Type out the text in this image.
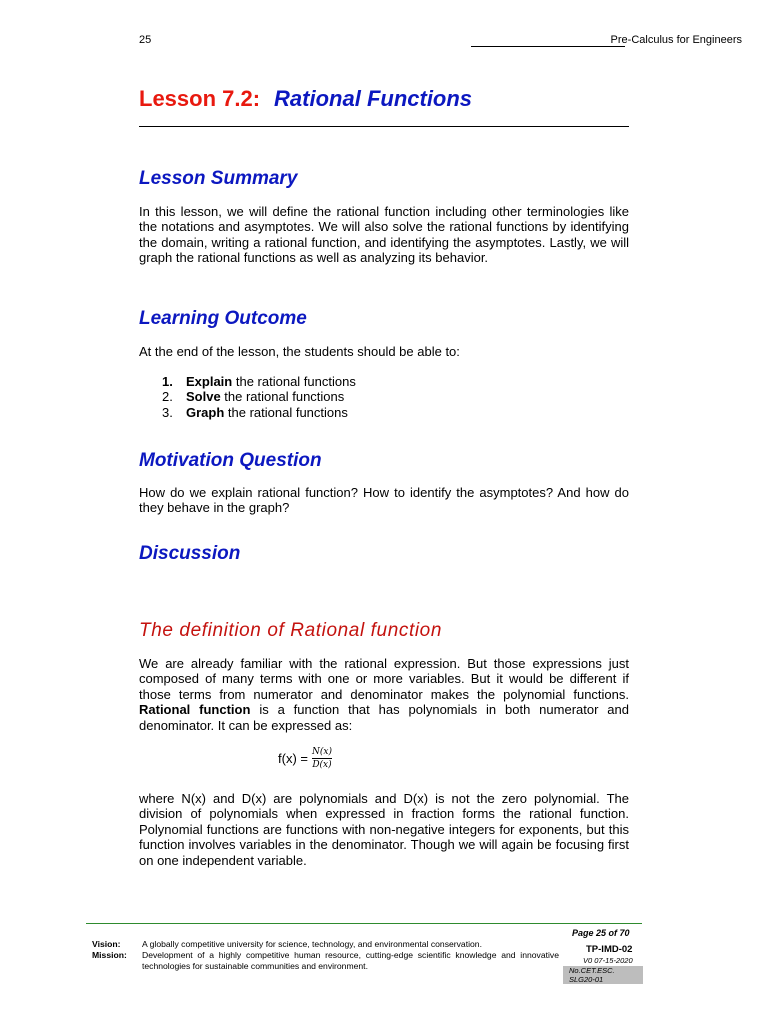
25	Pre-Calculus for Engineers
Lesson 7.2: Rational Functions
Lesson Summary

In this lesson, we will define the rational function including other terminologies like the notations and asymptotes. We will also solve the rational functions by identifying the domain, writing a rational function, and identifying the asymptotes. Lastly, we will graph the rational functions as well as analyzing its behavior.

Learning Outcome

At the end of the lesson, the students should be able to:

1. Explain the rational functions
2. Solve the rational functions
3. Graph the rational functions
Motivation Question

How do we explain rational function? How to identify the asymptotes? And how do they behave in the graph?

Discussion
The definition of Rational function

We are already familiar with the rational expression. But those expressions just composed of many terms with one or more variables. But it would be different if those terms from numerator and denominator makes the polynomial functions. Rational function is a function that has polynomials in both numerator and denominator. It can be expressed as:

$f(x) = \frac{N(x)}{D(x)}$

where N(x) and D(x) are polynomials and D(x) is not the zero polynomial. The division of polynomials when expressed in fraction forms the rational function. Polynomial functions are functions with non-negative integers for exponents, but this function involves variables in the denominator. Though we will again be focusing first on one independent variable.

Page 25 of 70
Vision:	A globally competitive university for science, technology, and environmental conservation.
Mission:	Development of a highly competitive human resource, cutting-edge scientific knowledge and innovative technologies for sustainable communities and environment.
TP-IMD-02
V0 07-15-2020
No.CET.ESC.
SLG20-01
